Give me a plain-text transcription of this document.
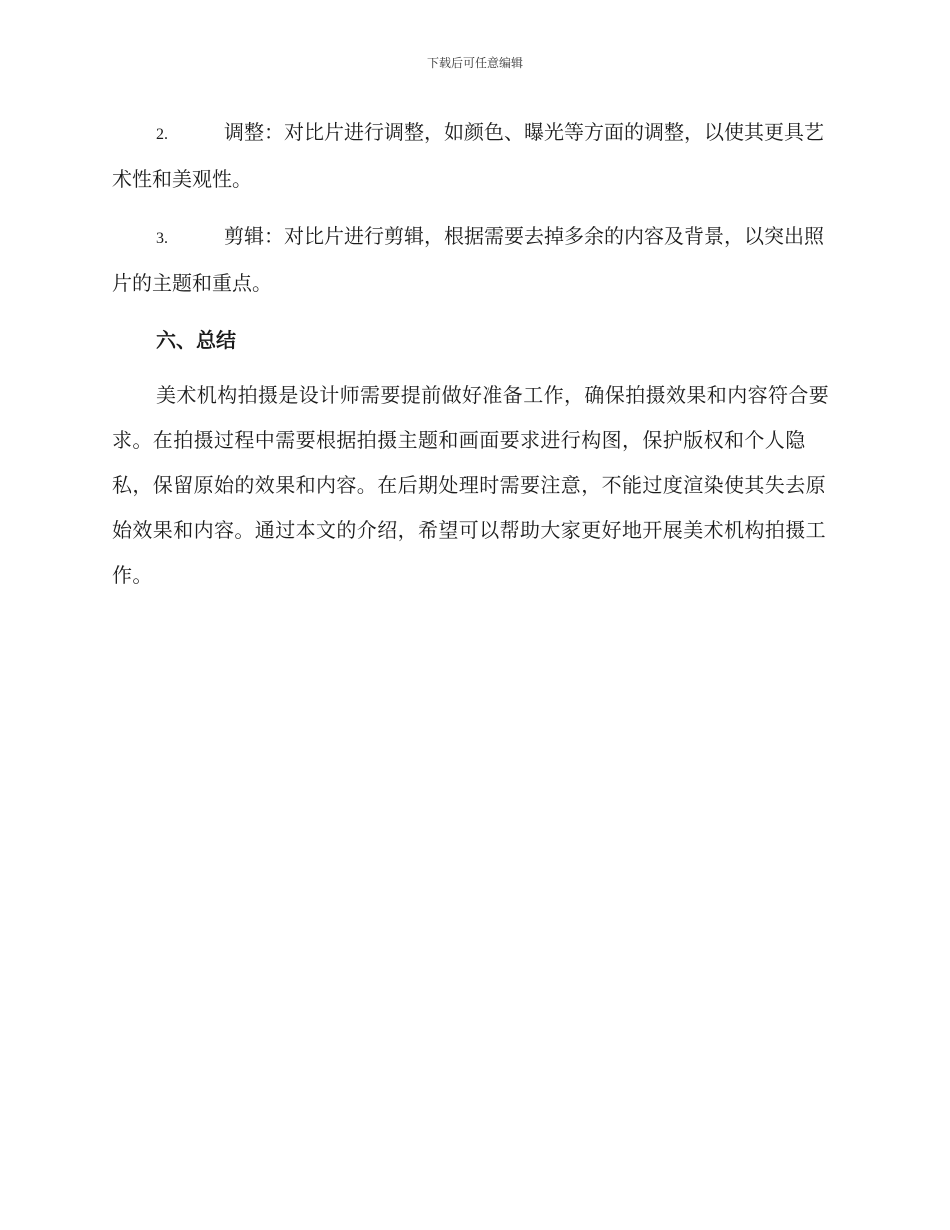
下载后可任意编辑

2.	调整：对比片进行调整，如颜色、曝光等方面的调整，以使其更具艺术性和美观性。

3.	剪辑：对比片进行剪辑，根据需要去掉多余的内容及背景，以突出照片的主题和重点。

六、总结

美术机构拍摄是设计师需要提前做好准备工作，确保拍摄效果和内容符合要求。在拍摄过程中需要根据拍摄主题和画面要求进行构图，保护版权和个人隐私，保留原始的效果和内容。在后期处理时需要注意，不能过度渲染使其失去原始效果和内容。通过本文的介绍，希望可以帮助大家更好地开展美术机构拍摄工作。
